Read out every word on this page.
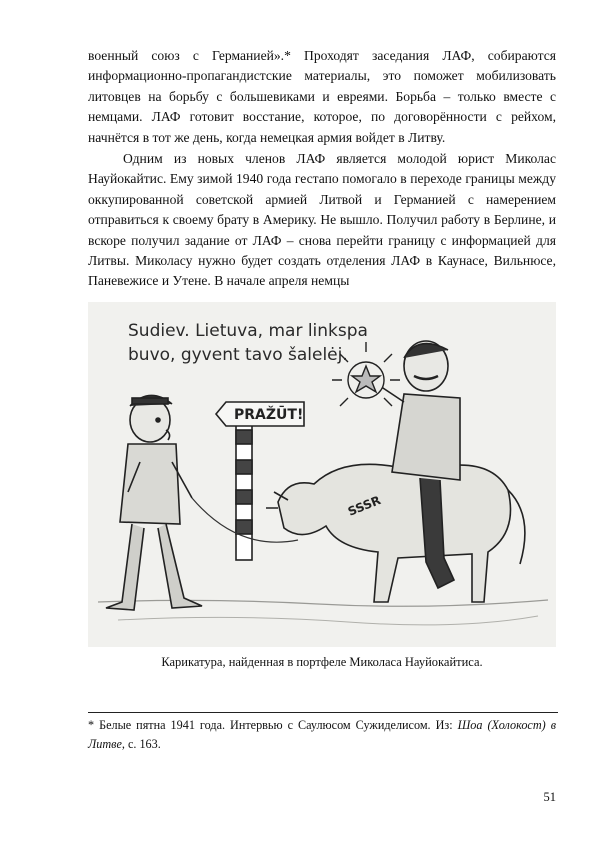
военный союз с Германией».* Проходят заседания ЛАФ, собираются информационно-пропагандистские материалы, это поможет мобилизовать литовцев на борьбу с большевиками и евреями. Борьба – только вместе с немцами. ЛАФ готовит восстание, которое, по договорённости с рейхом, начнётся в тот же день, когда немецкая армия войдет в Литву.

Одним из новых членов ЛАФ является молодой юрист Миколас Науйокайтис. Ему зимой 1940 года гестапо помогало в переходе границы между оккупированной советской армией Литвой и Германией с намерением отправиться к своему брату в Америку. Не вышло. Получил работу в Берлине, и вскоре получил задание от ЛАФ – снова перейти границу с информацией для Литвы. Миколасу нужно будет создать отделения ЛАФ в Каунасе, Вильнюсе, Паневежисе и Утене. В начале апреля немцы

Sudiev. Lietuva, mar linkspa
buvo, gyvent tavo šalelėj.
PRAŽŪT!
SSSR

Карикатура, найденная в портфеле Миколаса Науйокайтиса.

* Белые пятна 1941 года. Интервью с Саулюсом Сужиделисом. Из: Шоа (Холокост) в Литве, с. 163.

51
